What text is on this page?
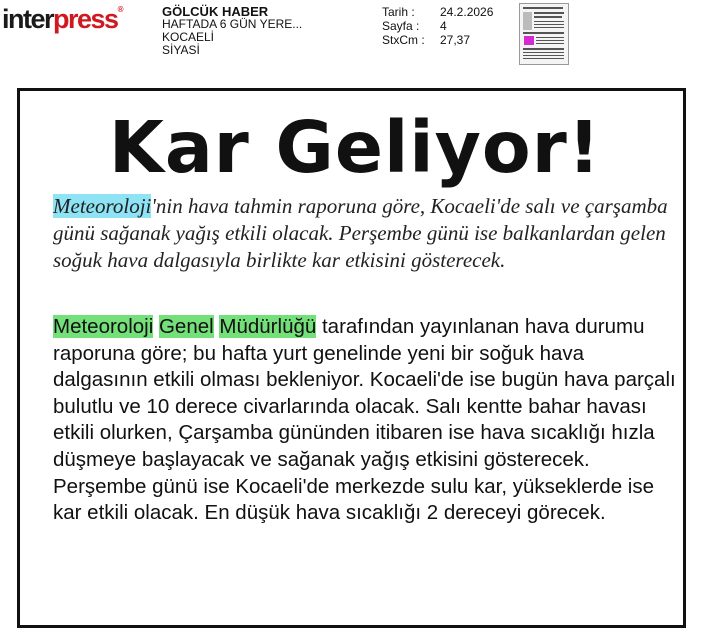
interpress®	GÖLCÜK HABER
HAFTADA 6 GÜN YERE...
KOCAELİ
SİYASİ
Tarih :	24.2.2026
Sayfa :	4
StxCm :	27,37
Kar Geliyor!
Meteoroloji'nin hava tahmin raporuna göre, Kocaeli'de salı ve çarşamba günü sağanak yağış etkili olacak. Perşembe günü ise balkanlardan gelen soğuk hava dalgasıyla birlikte kar etkisini gösterecek.
Meteoroloji Genel Müdürlüğü tarafından yayınlanan hava durumu raporuna göre; bu hafta yurt genelinde yeni bir soğuk hava dalgasının etkili olması bekleniyor. Kocaeli'de ise bugün hava parçalı bulutlu ve 10 derece civarlarında olacak. Salı kentte bahar havası etkili olurken, Çarşamba gününden itibaren ise hava sıcaklığı hızla düşmeye başlayacak ve sağanak yağış etkisini gösterecek. Perşembe günü ise Kocaeli'de merkezde sulu kar, yükseklerde ise kar etkili olacak. En düşük hava sıcaklığı 2 dereceyi görecek.
